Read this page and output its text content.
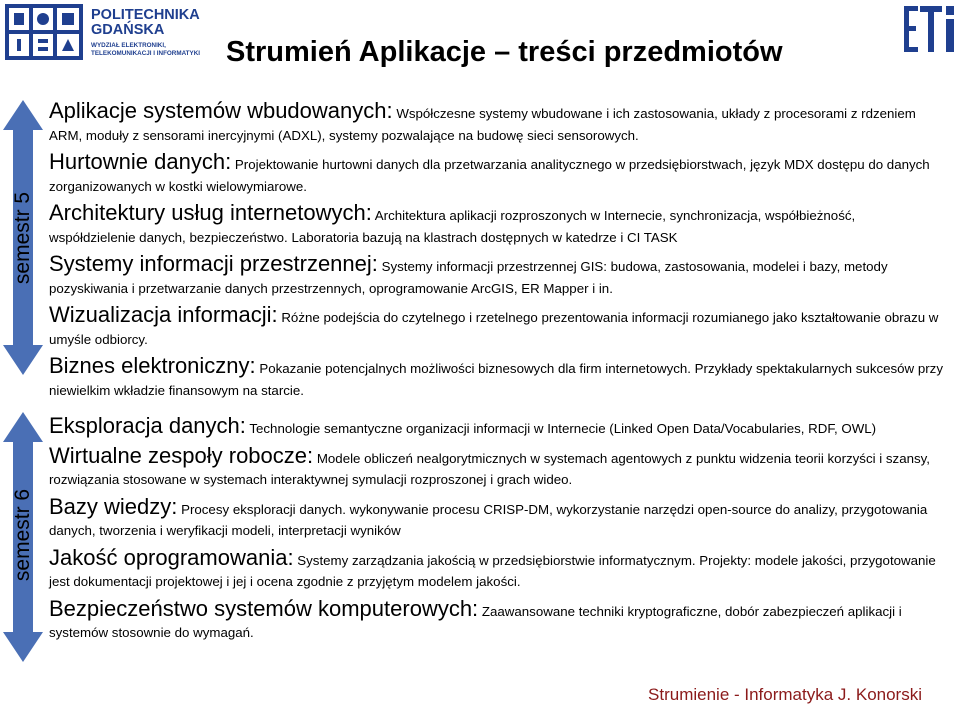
POLITECHNIKA
GDAŃSKA
WYDZIAŁ ELEKTRONIKI,
TELEKOMUNIKACJI I INFORMATYKI Strumień Aplikacje – treści przedmiotów
semestr 5
semestr 6

Aplikacje systemów wbudowanych: Współczesne systemy wbudowane i ich zastosowania, układy z procesorami z rdzeniem ARM, moduły z sensorami inercyjnymi (ADXL), systemy pozwalające na budowę sieci sensorowych.

Hurtownie danych: Projektowanie hurtowni danych dla przetwarzania analitycznego w przedsiębiorstwach, język MDX dostępu do danych zorganizowanych w kostki wielowymiarowe.

Architektury usług internetowych: Architektura aplikacji rozproszonych w Internecie, synchronizacja, współbieżność, współdzielenie danych, bezpieczeństwo. Laboratoria bazują na klastrach dostępnych w katedrze i CI TASK

Systemy informacji przestrzennej: Systemy informacji przestrzennej GIS: budowa, zastosowania, modelei i bazy, metody pozyskiwania i przetwarzanie danych przestrzennych, oprogramowanie ArcGIS, ER Mapper i in.

Wizualizacja informacji: Różne podejścia do czytelnego i rzetelnego prezentowania informacji rozumianego jako kształtowanie obrazu w umyśle odbiorcy.

Biznes elektroniczny: Pokazanie potencjalnych możliwości biznesowych dla firm internetowych. Przykłady spektakularnych sukcesów przy niewielkim wkładzie finansowym na starcie.

Eksploracja danych: Technologie semantyczne organizacji informacji w Internecie (Linked Open Data/Vocabularies, RDF, OWL)

Wirtualne zespoły robocze: Modele obliczeń nealgorytmicznych w systemach agentowych z punktu widzenia teorii korzyści i szansy, rozwiązania stosowane w systemach interaktywnej symulacji rozproszonej i grach wideo.

Bazy wiedzy: Procesy eksploracji danych. wykonywanie procesu CRISP-DM, wykorzystanie narzędzi open-source do analizy, przygotowania danych, tworzenia i weryfikacji modeli, interpretacji wyników

Jakość oprogramowania: Systemy zarządzania jakością w przedsiębiorstwie informatycznym. Projekty: modele jakości, przygotowanie jest dokumentacji projektowej i jej i ocena zgodnie z przyjętym modelem jakości.

Bezpieczeństwo systemów komputerowych: Zaawansowane techniki kryptograficzne, dobór zabezpieczeń aplikacji i systemów stosownie do wymagań.

Strumienie - Informatyka J. Konorski
